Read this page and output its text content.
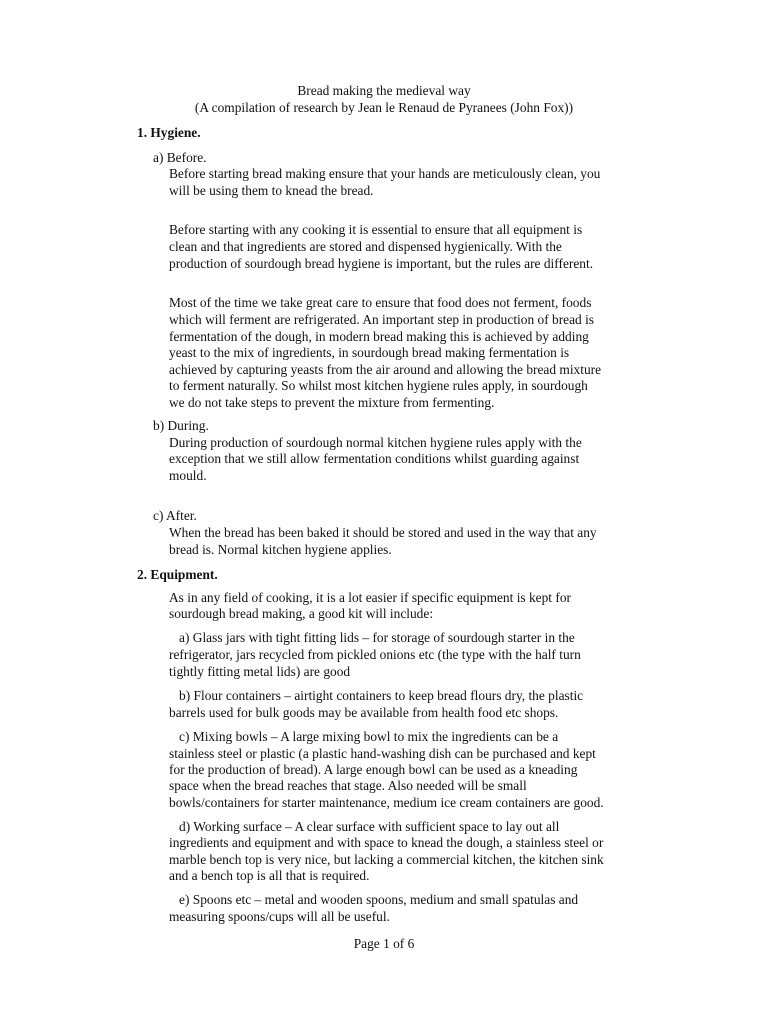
Bread making the medieval way
(A compilation of research by Jean le Renaud de Pyranees (John Fox))
1. Hygiene.
a) Before.
Before starting bread making ensure that your hands are meticulously clean, you
will be using them to knead the bread.
Before starting with any cooking it is essential to ensure that all equipment is
clean and that ingredients are stored and dispensed hygienically. With the
production of sourdough bread hygiene is important, but the rules are different.
Most of the time we take great care to ensure that food does not ferment, foods
which will ferment are refrigerated. An important step in production of bread is
fermentation of the dough, in modern bread making this is achieved by adding
yeast to the mix of ingredients, in sourdough bread making fermentation is
achieved by capturing yeasts from the air around and allowing the bread mixture
to ferment naturally. So whilst most kitchen hygiene rules apply, in sourdough
we do not take steps to prevent the mixture from fermenting.
b) During.
During production of sourdough normal kitchen hygiene rules apply with the
exception that we still allow fermentation conditions whilst guarding against
mould.
c) After.
When the bread has been baked it should be stored and used in the way that any
bread is. Normal kitchen hygiene applies.
2. Equipment.
As in any field of cooking, it is a lot easier if specific equipment is kept for
sourdough bread making, a good kit will include:
a) Glass jars with tight fitting lids – for storage of sourdough starter in the
refrigerator, jars recycled from pickled onions etc (the type with the half turn
tightly fitting metal lids) are good
b) Flour containers – airtight containers to keep bread flours dry, the plastic
barrels used for bulk goods may be available from health food etc shops.
c) Mixing bowls – A large mixing bowl to mix the ingredients can be a
stainless steel or plastic (a plastic hand-washing dish can be purchased and kept
for the production of bread). A large enough bowl can be used as a kneading
space when the bread reaches that stage. Also needed will be small
bowls/containers for starter maintenance, medium ice cream containers are good.
d) Working surface – A clear surface with sufficient space to lay out all
ingredients and equipment and with space to knead the dough, a stainless steel or
marble bench top is very nice, but lacking a commercial kitchen, the kitchen sink
and a bench top is all that is required.
e) Spoons etc – metal and wooden spoons, medium and small spatulas and
measuring spoons/cups will all be useful.
Page 1 of 6
